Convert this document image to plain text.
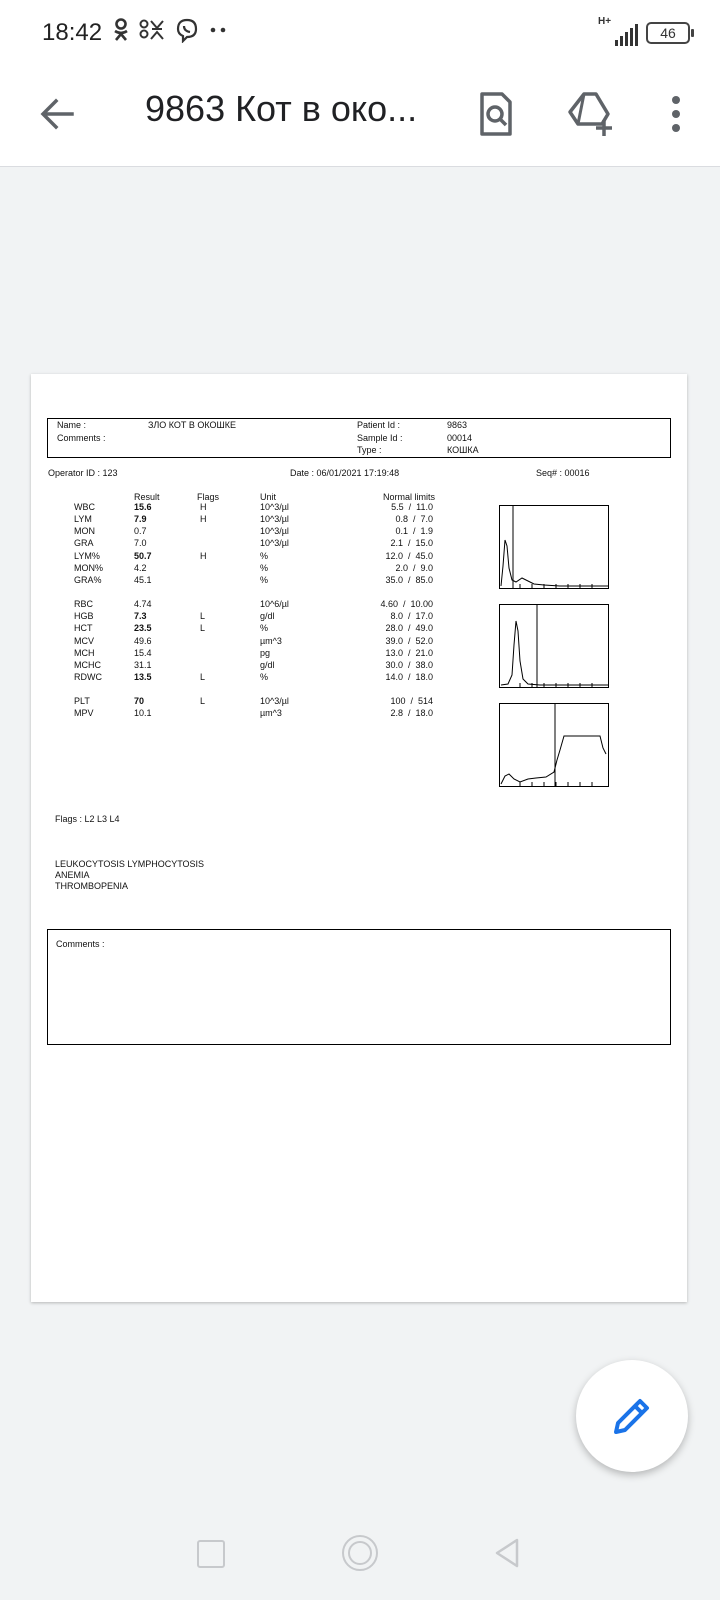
18:42	H+
46
9863 Кот в око...
Name :	ЗЛО КОТ В ОКОШКЕ
Comments :
Patient Id :	9863
Sample Id :	00014
Type :	КОШКА
Operator ID : 123	Date : 06/01/2021 17:19:48	Seq# : 00016
Result	Flags	Unit	Normal limits
WBC	15.6	H	10^3/µl	5.5  /  11.0
LYM	7.9	H	10^3/µl	0.8  /  7.0
MON	0.7	10^3/µl	0.1  /  1.9
GRA	7.0	10^3/µl	2.1  /  15.0
LYM%	50.7	H	%	12.0  /  45.0
MON%	4.2	%	2.0  /  9.0
GRA%	45.1	%	35.0  /  85.0
RBC	4.74	10^6/µl	4.60  /  10.00
HGB	7.3	L	g/dl	8.0  /  17.0
HCT	23.5	L	%	28.0  /  49.0
MCV	49.6	µm^3	39.0  /  52.0
MCH	15.4	pg	13.0  /  21.0
MCHC	31.1	g/dl	30.0  /  38.0
RDWC	13.5	L	%	14.0  /  18.0
PLT	70	L	10^3/µl	100  /  514
MPV	10.1	µm^3	2.8  /  18.0
Flags : L2 L3 L4
LEUKOCYTOSIS LYMPHOCYTOSIS
ANEMIA
THROMBOPENIA
Comments :
